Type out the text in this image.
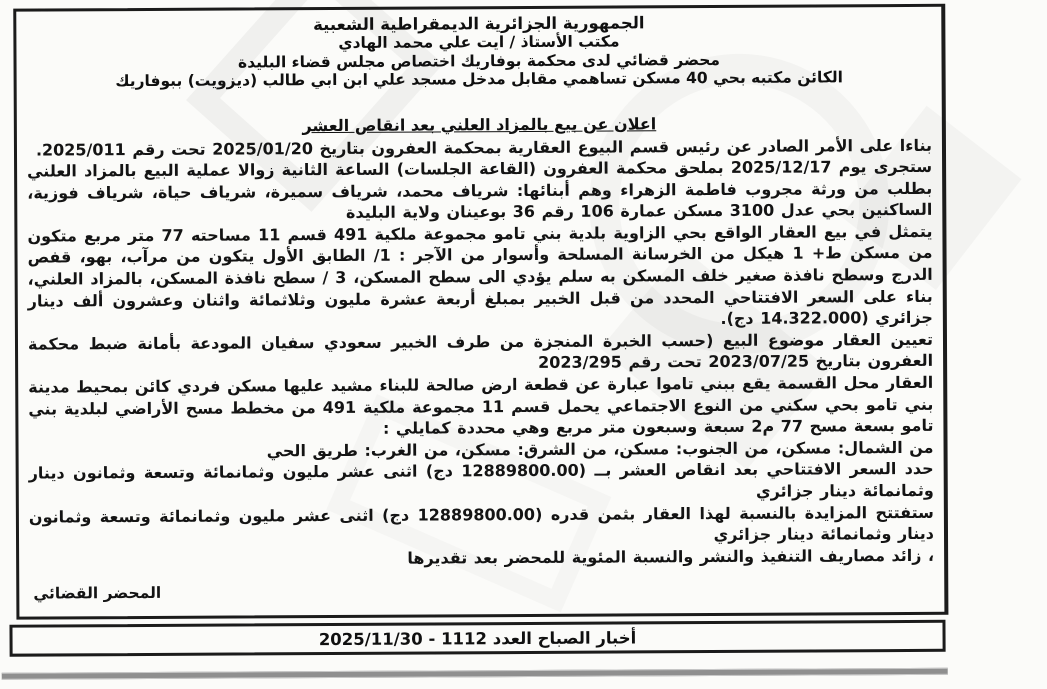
الجمهورية الجزائرية الديمقراطية الشعبية
مكتب الأستاذ / ايت علي محمد الهادي
محضر قضائي لدى محكمة بوفاريك اختصاص مجلس قضاء البليدة
الكائن مكتبه بحي 40 مسكن تساهمي مقابل مدخل مسجد علي ابن ابي طالب (ديزويت) ببوفاريك
اعلان عن بيع بالمزاد العلني بعد انقاص العشر

بناءا على الأمر الصادر عن رئيس قسم البيوع العقارية بمحكمة العفرون بتاريخ 2025/01/20 تحت رقم 2025/011.

ستجرى يوم 2025/12/17 بملحق محكمة العفرون (القاعة الجلسات) الساعة الثانية زوالا عملية البيع بالمزاد العلني بطلب من ورثة مجروب فاطمة الزهراء وهم أبنائها: شرياف محمد، شرياف سميرة، شرياف حياة، شرياف فوزية، الساكنين بحي عدل 3100 مسكن عمارة 106 رقم 36 بوعينان ولاية البليدة

يتمثل في بيع العقار الواقع بحي الزاوية بلدية بني تامو مجموعة ملكية 491 قسم 11 مساحته 77 متر مربع متكون من مسكن ط+ 1 هيكل من الخرسانة المسلحة وأسوار من الآجر : 1/ الطابق الأول يتكون من مرآب، بهو، قفص الدرج وسطح نافذة صغير خلف المسكن به سلم يؤدي الى سطح المسكن، 3 / سطح نافذة المسكن، بالمزاد العلني، بناء على السعر الافتتاحي المحدد من قبل الخبير بمبلغ أربعة عشرة مليون وثلاثمائة واثنان وعشرون ألف دينار جزائري (14.322.000 دج).

تعيين العقار موضوع البيع (حسب الخبرة المنجزة من طرف الخبير سعودي سفيان المودعة بأمانة ضبط محكمة العفرون بتاريخ 2023/07/25 تحت رقم 2023/295

العقار محل القسمة يقع ببني تاموا عبارة عن قطعة ارض صالحة للبناء مشيد عليها مسكن فردي كائن بمحيط مدينة بني تامو بحي سكني من النوع الاجتماعي يحمل قسم 11 مجموعة ملكية 491 من مخطط مسح الأراضي لبلدية بني تامو بسعة مسح 77 م2 سبعة وسبعون متر مربع وهي محددة كمايلي :

من الشمال: مسكن، من الجنوب: مسكن، من الشرق: مسكن، من الغرب: طريق الحي

حدد السعر الافتتاحي بعد انقاص العشر بــ (12889800.00 دج) اثنى عشر مليون وثمانمائة وتسعة وثمانون دينار وثمانمائة دينار جزائري

ستفتتح المزايدة بالنسبة لهذا العقار بثمن قدره (12889800.00 دج) اثنى عشر مليون وثمانمائة وتسعة وثمانون دينار وثمانمائة دينار جزائري

، زائد مصاريف التنفيذ والنشر والنسبة المئوية للمحضر بعد تقديرها

المحضر القضائي
أخبار الصباح العدد 1112 - 2025/11/30
